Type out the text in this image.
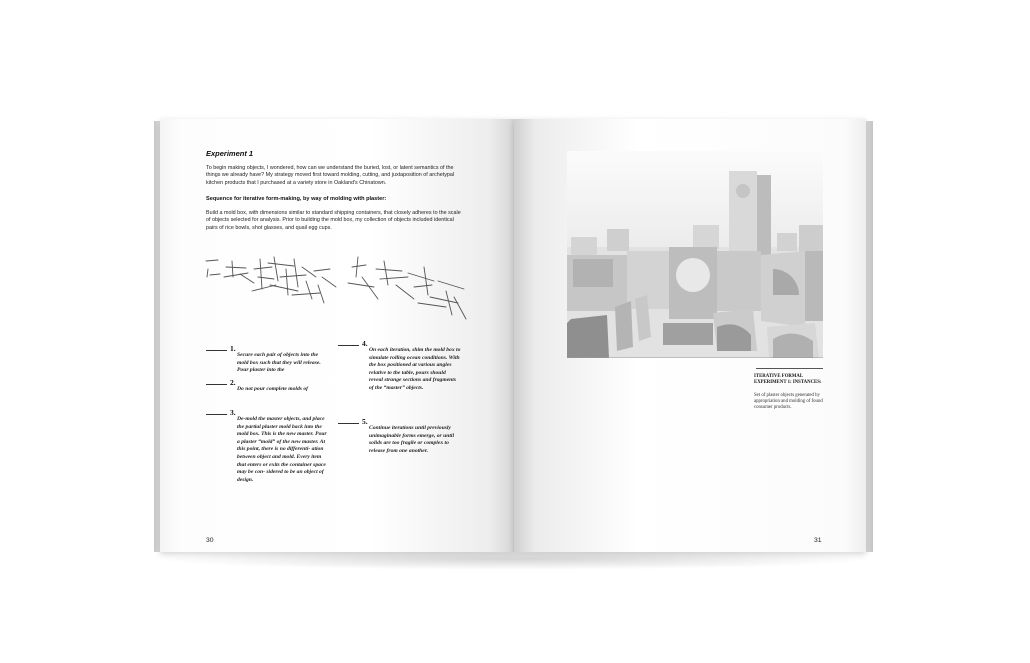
Experiment 1
To begin making objects, I wondered, how can we understand the buried, lost, or latent semantics of the things we already have? My strategy moved first toward molding, cutting, and juxtaposition of archetypal kitchen products that I purchased at a variety store in Oakland's Chinatown.
Sequence for iterative form-making, by way of molding with plaster:
Build a mold box, with dimensions similar to standard shipping containers, that closely adheres to the scale of objects selected for analysis. Prior to building the mold box, my collection of objects included identical pairs of rice bowls, shot glasses, and quail egg cups.
1.
Secure each pair of objects into the mold box such that they will release. Pour plaster into the
2.
Do not pour complete molds of
3.
De-mold the master objects, and place the partial plaster mold back into the mold box. This is the new master. Pour a plaster “mold” of the new master. At this point, there is no differenti- ation between object and mold. Every item that enters or exits the container space may be con- sidered to be an object of design.
4.
On each iteration, shim the mold box to simulate rolling ocean conditions. With the box positioned at various angles relative to the table, pours should reveal strange sections and fragments of the “master” objects.
5.
Continue iterations until previously unimaginable forms emerge, or until solids are too fragile or complex to release from one another.
30
ITERATIVE FORMAL EXPERIMENT 1: INSTANCES:
Set of plaster objects generated by appropriation and molding of found consumer products.
31
